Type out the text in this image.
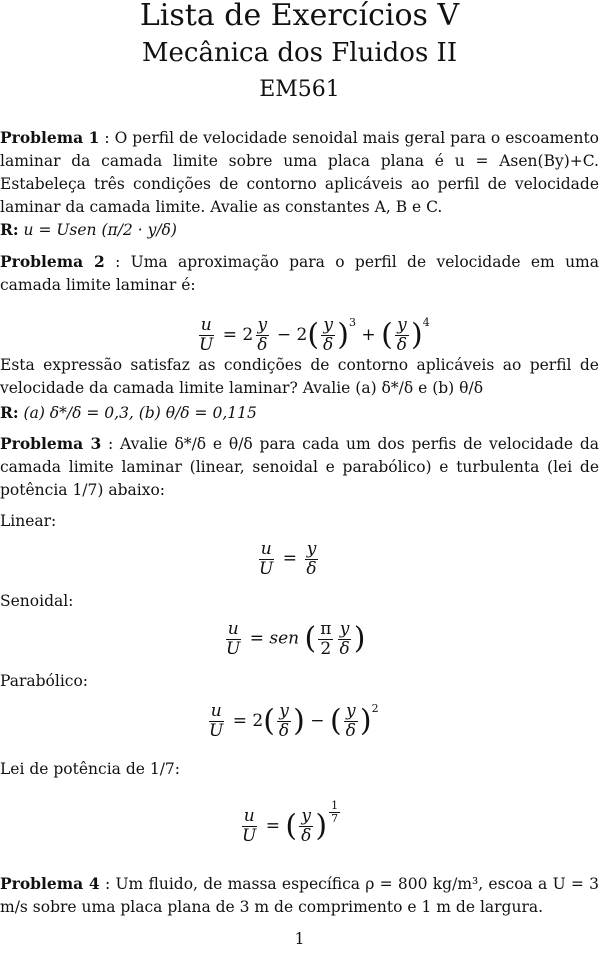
Lista de Exercícios V
Mecânica dos Fluidos II
EM561

Problema 1 : O perfil de velocidade senoidal mais geral para o escoamento laminar da camada limite sobre uma placa plana é u = Asen(By)+C. Estabeleça três condições de contorno aplicáveis ao perfil de velocidade laminar da camada limite. Avalie as constantes A, B e C.

R: u = Usen (π/2 · y/δ)

Problema 2 : Uma aproximação para o perfil de velocidade em uma camada limite laminar é:

$\frac{u}{U} = 2 \frac{y}{\delta} - 2( \frac{y}{\delta} )^3$ + ( $\frac{y}{\delta} )^4$

Esta expressão satisfaz as condições de contorno aplicáveis ao perfil de velocidade da camada limite laminar? Avalie (a) δ*/δ e (b) θ/δ

R: (a) δ*/δ = 0,3, (b) θ/δ = 0,115

Problema 3 : Avalie δ*/δ e θ/δ para cada um dos perfis de velocidade da camada limite laminar (linear, senoidal e parabólico) e turbulenta (lei de potência 1/7) abaixo:

Linear:
$\frac{u}{U} = \frac{y}{\delta}$
Senoidal:
$\frac{u}{U}$ = sen ( $\frac{\pi}{2} \frac{y}{\delta}$ )
Parabólico:
$\frac{u}{U} = 2( \frac{y}{\delta}$ ) − ( $\frac{y}{\delta} )^2$
Lei de potência de 1/7:
$\frac{u}{U}$ = ( $\frac{y}{\delta}$ ) $\frac{1}{7}$

Problema 4 : Um fluido, de massa específica ρ = 800 kg/m³, escoa a U = 3 m/s sobre uma placa plana de 3 m de comprimento e 1 m de largura.

1
